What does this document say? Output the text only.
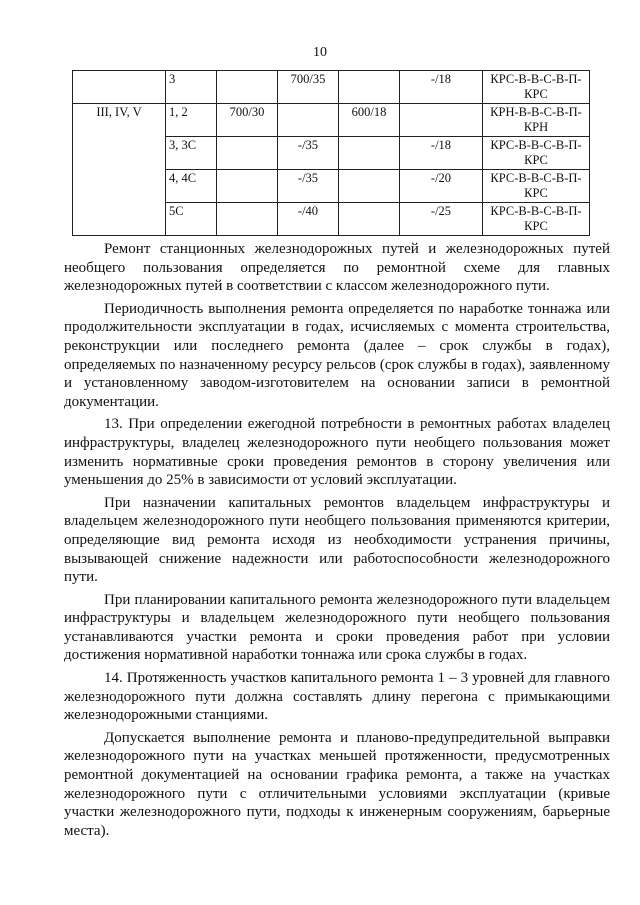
10
	3		700/35		-/18	КРС-В-В-С-В-П-КРС
III, IV, V	1, 2	700/30		600/18		КРН-В-В-С-В-П-КРН
	3, 3С		-/35		-/18	КРС-В-В-С-В-П-КРС
	4, 4С		-/35		-/20	КРС-В-В-С-В-П-КРС
	5С		-/40		-/25	КРС-В-В-С-В-П-КРС

Ремонт станционных железнодорожных путей и железнодорожных путей необщего пользования определяется по ремонтной схеме для главных железнодорожных путей в соответствии с классом железнодорожного пути.

Периодичность выполнения ремонта определяется по наработке тоннажа или продолжительности эксплуатации в годах, исчисляемых с момента строительства, реконструкции или последнего ремонта (далее – срок службы в годах), определяемых по назначенному ресурсу рельсов (срок службы в годах), заявленному и установленному заводом-изготовителем на основании записи в ремонтной документации.

13. При определении ежегодной потребности в ремонтных работах владелец инфраструктуры, владелец железнодорожного пути необщего пользования может изменить нормативные сроки проведения ремонтов в сторону увеличения или уменьшения до 25% в зависимости от условий эксплуатации.

При назначении капитальных ремонтов владельцем инфраструктуры и владельцем железнодорожного пути необщего пользования применяются критерии, определяющие вид ремонта исходя из необходимости устранения причины, вызывающей снижение надежности или работоспособности железнодорожного пути.

При планировании капитального ремонта железнодорожного пути владельцем инфраструктуры и владельцем железнодорожного пути необщего пользования устанавливаются участки ремонта и сроки проведения работ при условии достижения нормативной наработки тоннажа или срока службы в годах.

14. Протяженность участков капитального ремонта 1 – 3 уровней для главного железнодорожного пути должна составлять длину перегона с примыкающими железнодорожными станциями.

Допускается выполнение ремонта и планово-предупредительной выправки железнодорожного пути на участках меньшей протяженности, предусмотренных ремонтной документацией на основании графика ремонта, а также на участках железнодорожного пути с отличительными условиями эксплуатации (кривые участки железнодорожного пути, подходы к инженерным сооружениям, барьерные места).
